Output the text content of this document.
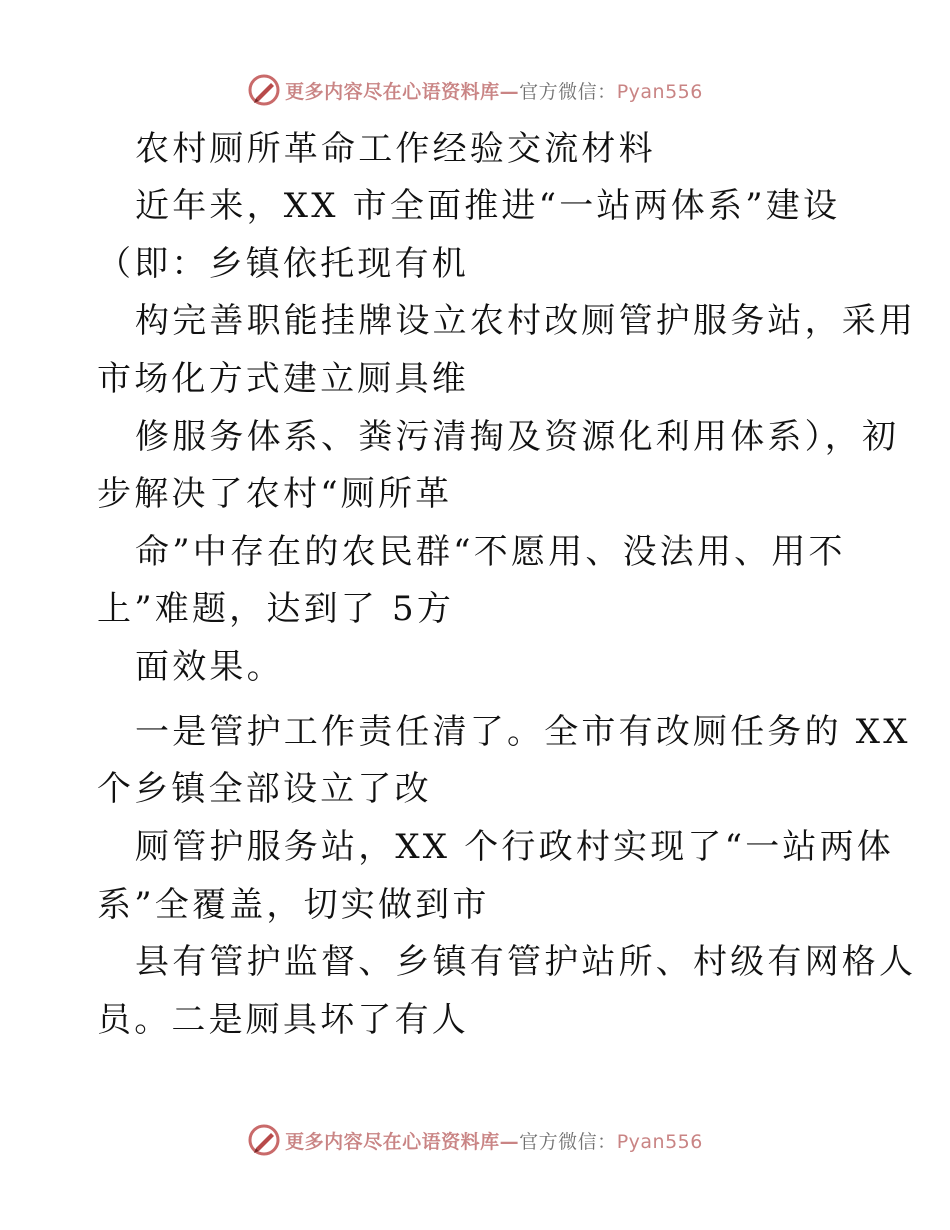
更多内容尽在心语资料库—官方微信：Pyan556
农村厕所革命工作经验交流材料
近年来，XX 市全面推进“一站两体系”建设
（即：乡镇依托现有机
构完善职能挂牌设立农村改厕管护服务站，采用
市场化方式建立厕具维
修服务体系、粪污清掏及资源化利用体系），初
步解决了农村“厕所革
命”中存在的农民群“不愿用、没法用、用不
上”难题，达到了 5方
面效果。
一是管护工作责任清了。全市有改厕任务的 XX
个乡镇全部设立了改
厕管护服务站，XX 个行政村实现了“一站两体
系”全覆盖，切实做到市
县有管护监督、乡镇有管护站所、村级有网格人
员。二是厕具坏了有人
更多内容尽在心语资料库—官方微信：Pyan556
